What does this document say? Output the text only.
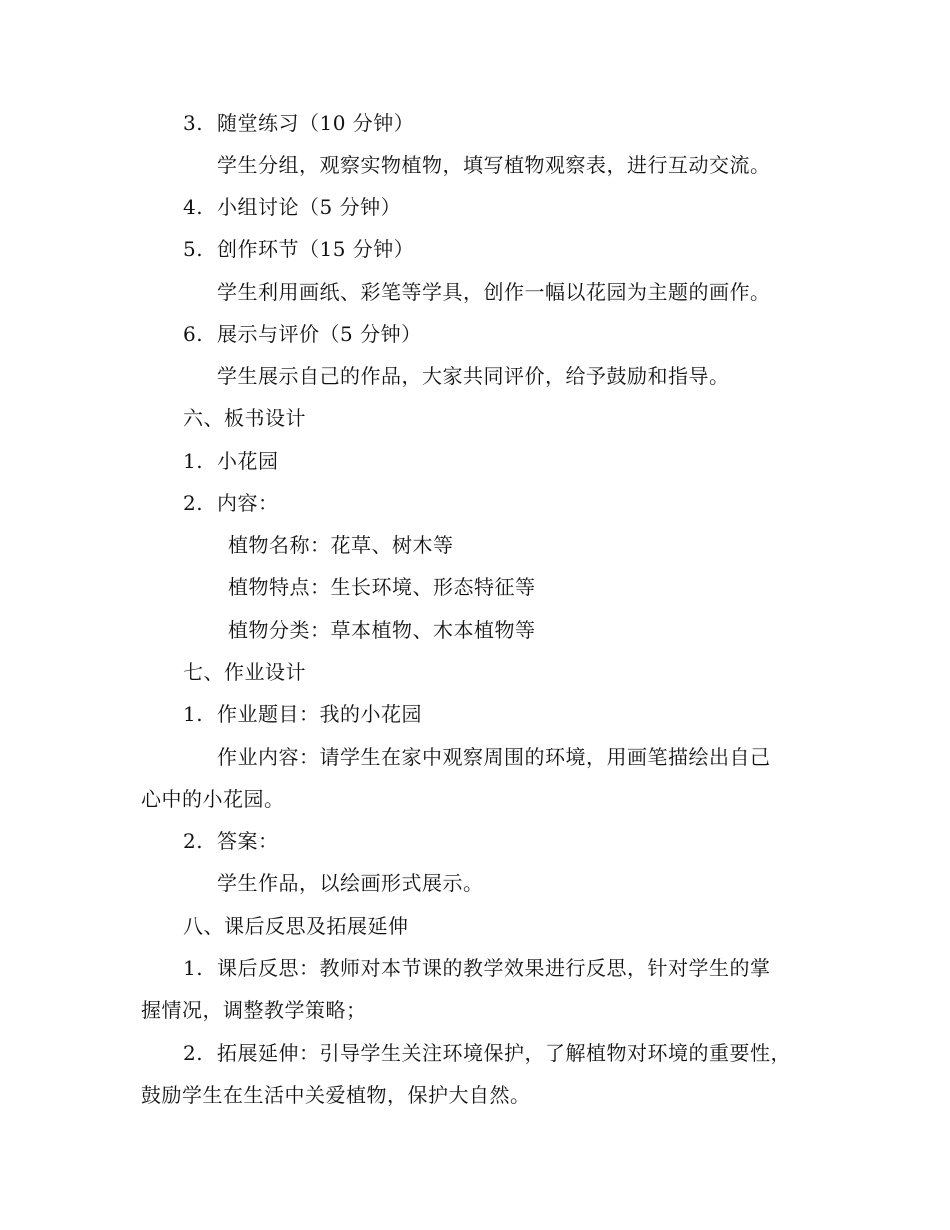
3. 随堂练习（10 分钟）
学生分组，观察实物植物，填写植物观察表，进行互动交流。
4. 小组讨论（5 分钟）
5. 创作环节（15 分钟）
学生利用画纸、彩笔等学具，创作一幅以花园为主题的画作。
6. 展示与评价（5 分钟）
学生展示自己的作品，大家共同评价，给予鼓励和指导。
六、板书设计
1. 小花园
2. 内容：
植物名称：花草、树木等
植物特点：生长环境、形态特征等
植物分类：草本植物、木本植物等
七、作业设计
1. 作业题目：我的小花园
作业内容：请学生在家中观察周围的环境，用画笔描绘出自己
心中的小花园。
2. 答案：
学生作品，以绘画形式展示。
八、课后反思及拓展延伸
1. 课后反思：教师对本节课的教学效果进行反思，针对学生的掌
握情况，调整教学策略；
2. 拓展延伸：引导学生关注环境保护，了解植物对环境的重要性，
鼓励学生在生活中关爱植物，保护大自然。
